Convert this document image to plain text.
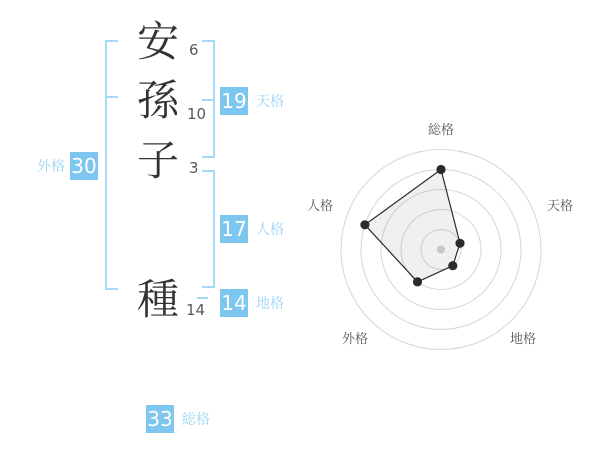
安
孫
子
種
6
10
3
14
外格 30
19 天格
17 人格
14 地格
33 総格
総格
天格
地格
外格
人格
